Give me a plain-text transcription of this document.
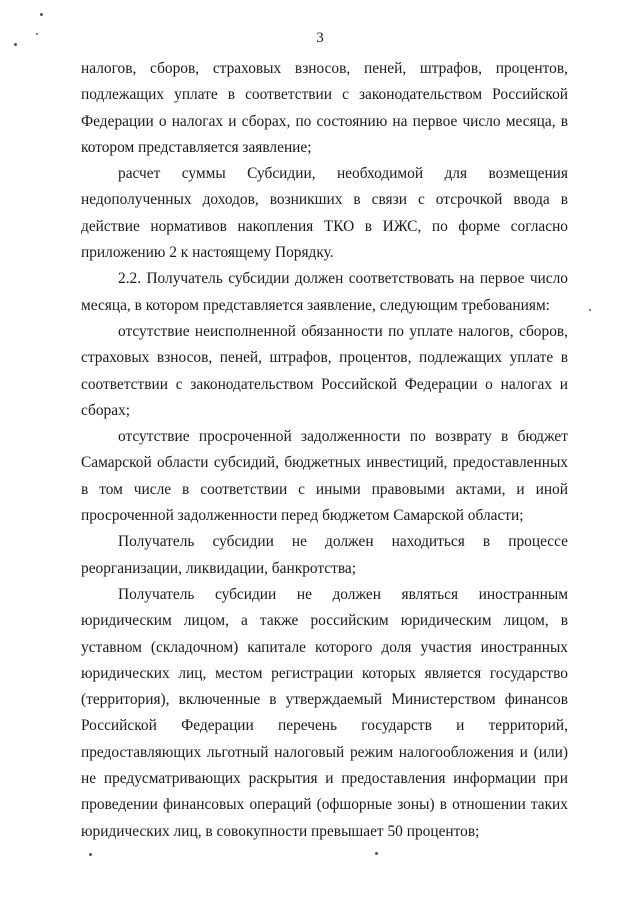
3

налогов, сборов, страховых взносов, пеней, штрафов, процентов, подлежащих уплате в соответствии с законодательством Российской Федерации о налогах и сборах, по состоянию на первое число месяца, в котором представляется заявление;

расчет суммы Субсидии, необходимой для возмещения недополученных доходов, возникших в связи с отсрочкой ввода в действие нормативов накопления ТКО в ИЖС, по форме согласно приложению 2 к настоящему Порядку.

2.2. Получатель субсидии должен соответствовать на первое число месяца, в котором представляется заявление, следующим требованиям:

отсутствие неисполненной обязанности по уплате налогов, сборов, страховых взносов, пеней, штрафов, процентов, подлежащих уплате в соответствии с законодательством Российской Федерации о налогах и сборах;

отсутствие просроченной задолженности по возврату в бюджет Самарской области субсидий, бюджетных инвестиций, предоставленных в том числе в соответствии с иными правовыми актами, и иной просроченной задолженности перед бюджетом Самарской области;

Получатель субсидии не должен находиться в процессе реорганизации, ликвидации, банкротства;

Получатель субсидии не должен являться иностранным юридическим лицом, а также российским юридическим лицом, в уставном (складочном) капитале которого доля участия иностранных юридических лиц, местом регистрации которых является государство (территория), включенные в утверждаемый Министерством финансов Российской Федерации перечень государств и территорий, предоставляющих льготный налоговый режим налогообложения и (или) не предусматривающих раскрытия и предоставления информации при проведении финансовых операций (офшорные зоны) в отношении таких юридических лиц, в совокупности превышает 50 процентов;
